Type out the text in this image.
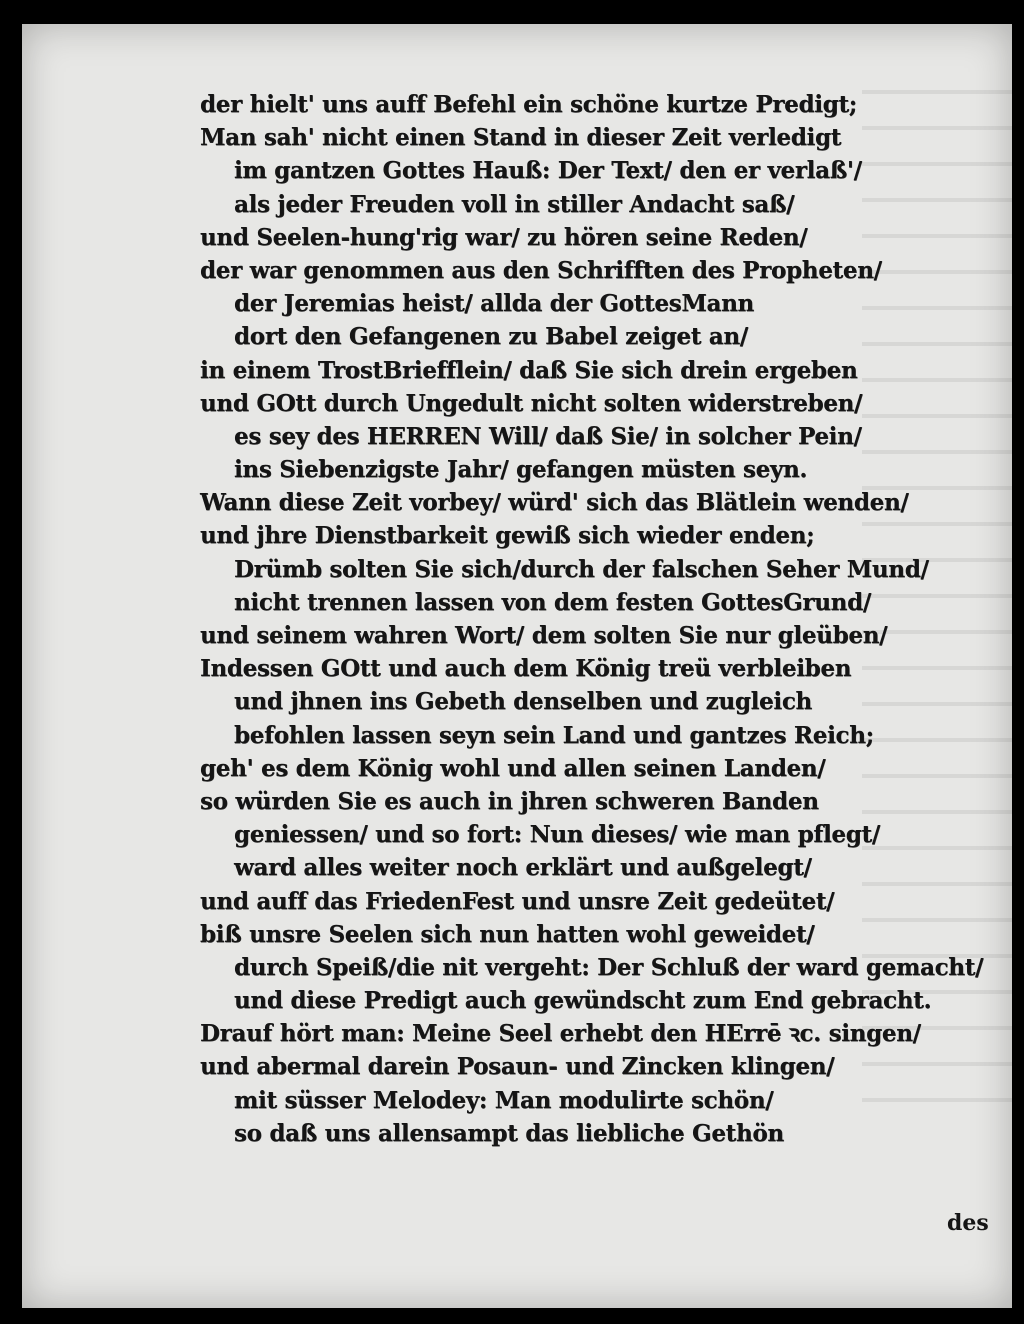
der hielt' uns auff Befehl ein schöne kurtze Predigt;
Man sah' nicht einen Stand in dieser Zeit verledigt
im gantzen Gottes Hauß: Der Text/ den er verlaß'/
als jeder Freuden voll in stiller Andacht saß/
und Seelen-hung'rig war/ zu hören seine Reden/
der war genommen aus den Schrifften des Propheten/
der Jeremias heist/ allda der GottesMann
dort den Gefangenen zu Babel zeiget an/
in einem TrostBriefflein/ daß Sie sich drein ergeben
und GOtt durch Ungedult nicht solten widerstreben/
es sey des HERREN Will/ daß Sie/ in solcher Pein/
ins Siebenzigste Jahr/ gefangen müsten seyn.
Wann diese Zeit vorbey/ würd' sich das Blätlein wenden/
und jhre Dienstbarkeit gewiß sich wieder enden;
Drümb solten Sie sich/durch der falschen Seher Mund/
nicht trennen lassen von dem festen GottesGrund/
und seinem wahren Wort/ dem solten Sie nur gleüben/
Indessen GOtt und auch dem König treü verbleiben
und jhnen ins Gebeth denselben und zugleich
befohlen lassen seyn sein Land und gantzes Reich;
geh' es dem König wohl und allen seinen Landen/
so würden Sie es auch in jhren schweren Banden
geniessen/ und so fort: Nun dieses/ wie man pflegt/
ward alles weiter noch erklärt und außgelegt/
und auff das FriedenFest und unsre Zeit gedeütet/
biß unsre Seelen sich nun hatten wohl geweidet/
durch Speiß/die nit vergeht: Der Schluß der ward gemacht/
und diese Predigt auch gewündscht zum End gebracht.
Drauf hört man: Meine Seel erhebt den HErrē ꝛc. singen/
und abermal darein Posaun- und Zincken klingen/
mit süsser Melodey: Man modulirte schön/
so daß uns allensampt das liebliche Gethön
des
